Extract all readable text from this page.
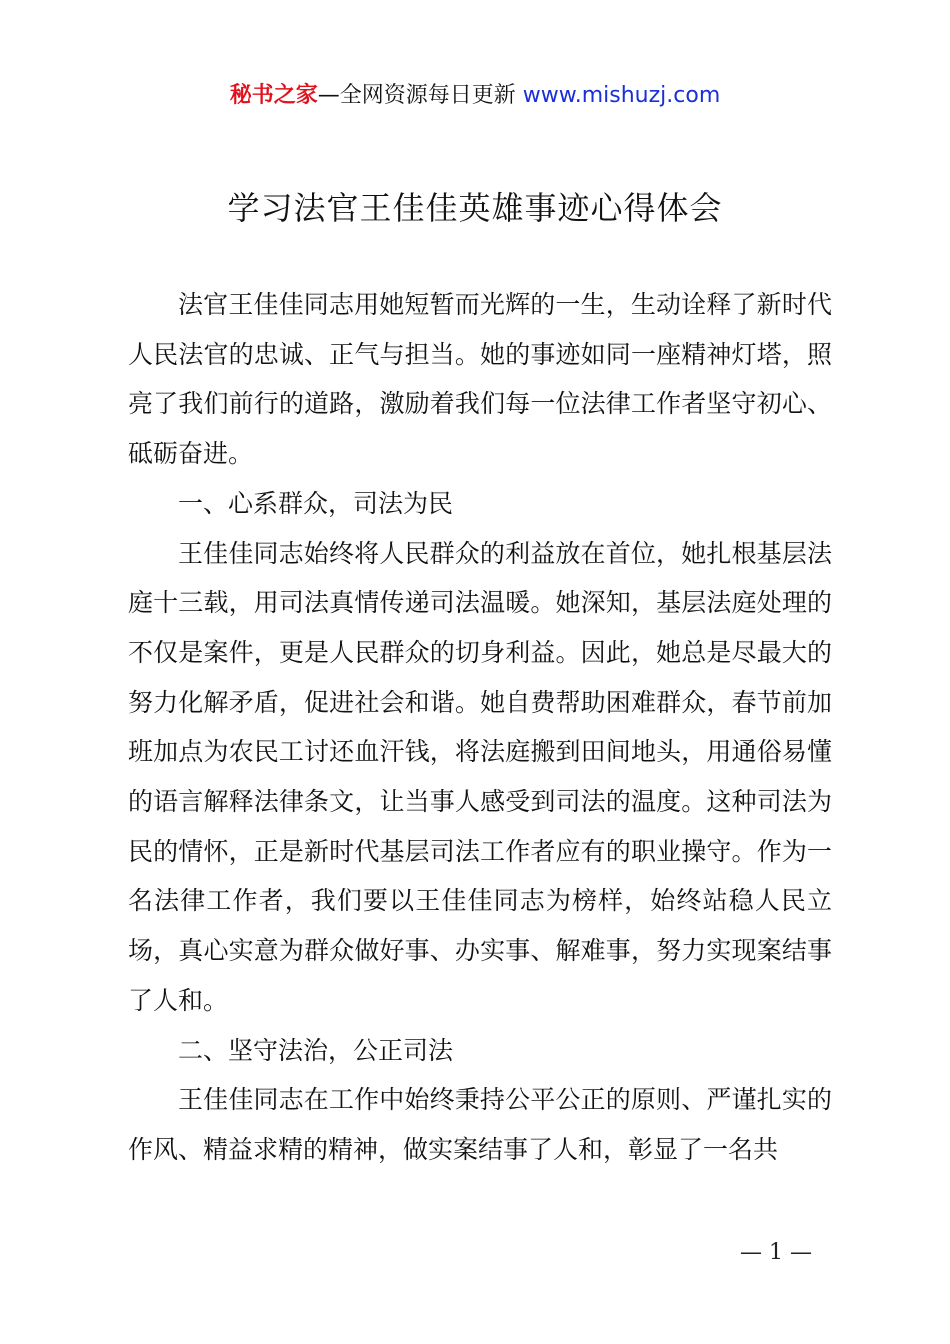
秘书之家—全网资源每日更新 www.mishuzj.com
学习法官王佳佳英雄事迹心得体会

法官王佳佳同志用她短暂而光辉的一生，生动诠释了新时代人民法官的忠诚、正气与担当。她的事迹如同一座精神灯塔，照亮了我们前行的道路，激励着我们每一位法律工作者坚守初心、砥砺奋进。

一、心系群众，司法为民

王佳佳同志始终将人民群众的利益放在首位，她扎根基层法庭十三载，用司法真情传递司法温暖。她深知，基层法庭处理的不仅是案件，更是人民群众的切身利益。因此，她总是尽最大的努力化解矛盾，促进社会和谐。她自费帮助困难群众，春节前加班加点为农民工讨还血汗钱，将法庭搬到田间地头，用通俗易懂的语言解释法律条文，让当事人感受到司法的温度。这种司法为民的情怀，正是新时代基层司法工作者应有的职业操守。作为一名法律工作者，我们要以王佳佳同志为榜样，始终站稳人民立场，真心实意为群众做好事、办实事、解难事，努力实现案结事了人和。

二、坚守法治，公正司法

王佳佳同志在工作中始终秉持公平公正的原则、严谨扎实的作风、精益求精的精神，做实案结事了人和，彰显了一名共

— 1 —
